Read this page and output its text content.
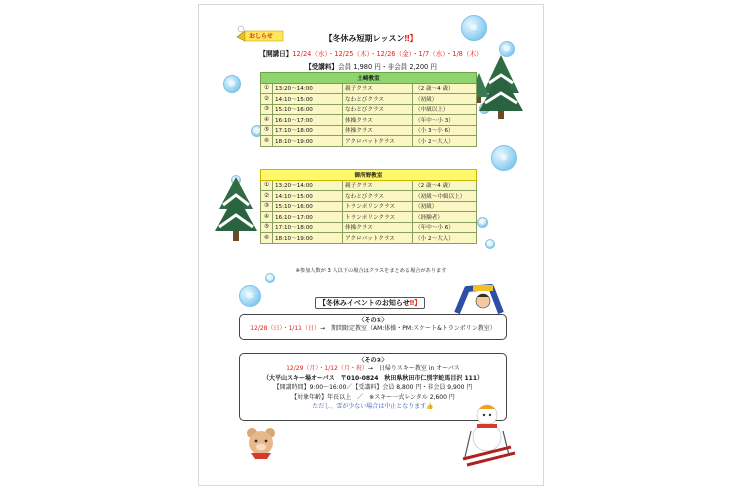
おしらせ ❄
❄
❄
❄
❄
❄
❄
❄
❄
❄
❄	【冬休み短期レッスン‼】
【開講日】12/24（水）・12/25（木）・12/26（金）・1/7（水）・1/8（木）
【受講料】会員 1,980 円・非会員 2,200 円
土崎教室			
①	13:20～14:00	親子クラス	（2 歳～4 歳）
②	14:10～15:00	なわとびクラス	（初級）
③	15:10～16:00	なわとびクラス	（中級以上）
④	16:10～17:00	体操クラス	（年中～小 3）
⑤	17:10～18:00	体操クラス	（小 3～小 6）
⑥	18:10～19:00	アクロバットクラス	（小 2～大人）
御所野教室			
①	13:20～14:00	親子クラス	（2 歳～4 歳）
②	14:10～15:00	なわとびクラス	（初級～中級以上）
③	15:10～16:00	トランポリンクラス	（初級）
④	16:10～17:00	トランポリンクラス	（経験者）
⑤	17:10～18:00	体操クラス	（年中～小 6）
⑥	18:10～19:00	アクロバットクラス	（小 2～大人）
※参加人数が 3 人以下の場合はクラスをまとめる場合があります
【冬休みイベントのお知らせ‼】
〈その①〉
12/28（日）・1/11（日）→　期間限定教室（AM:体操・PM:スケート&トランポリン教室）
〈その②〉
12/29（月）・1/12（月・祝）→　日帰りスキー教室 in オーパス
（大平山スキー場オーパス　〒010-0824　秋田県秋田市仁別字蛇馬目沢 111）
【開講時間】9:00～16:00／【受講料】会員 8,800 円・非会員 9,900 円
【対象年齢】年長以上　／　※スキー一式レンタル 2,600 円
ただし、雪が少ない場合は中止となります👍
